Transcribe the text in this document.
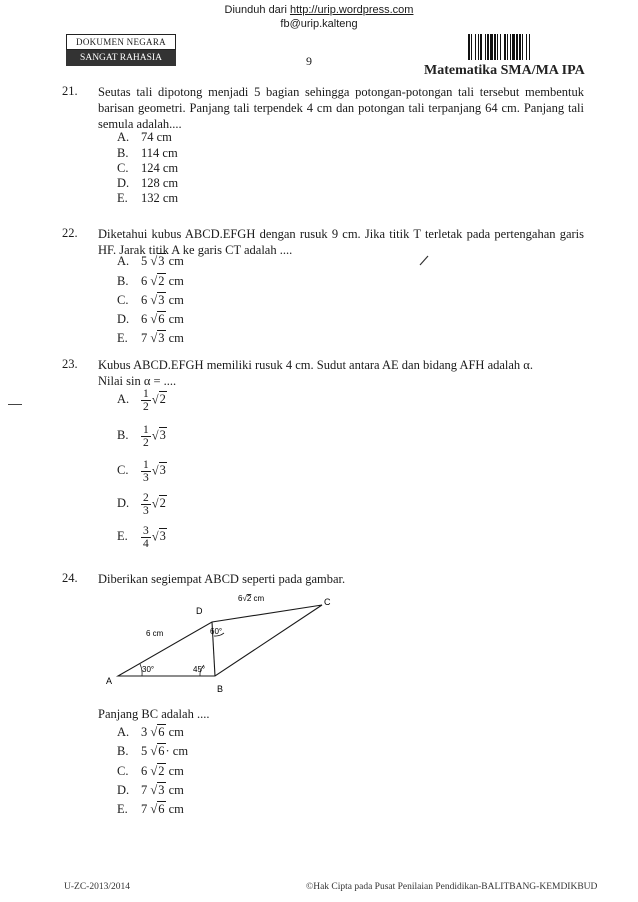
Diunduh dari http://urip.wordpress.com
fb@urip.kalteng
DOKUMEN NEGARA
SANGAT RAHASIA	9
Matematika SMA/MA IPA
21. Seutas tali dipotong menjadi 5 bagian sehingga potongan-potongan tali tersebut membentuk barisan geometri. Panjang tali terpendek 4 cm dan potongan tali terpanjang 64 cm. Panjang tali semula adalah....
A. 74 cm
B. 114 cm
C. 124 cm
D. 128 cm
E. 132 cm
22. Diketahui kubus ABCD.EFGH dengan rusuk 9 cm. Jika titik T terletak pada pertengahan garis HF. Jarak titik A ke garis CT adalah ....
A. 5 √3 cm
B. 6 √2 cm
C. 6 √3 cm
D. 6 √6 cm
E. 7 √3 cm
23. Kubus ABCD.EFGH memiliki rusuk 4 cm. Sudut antara AE dan bidang AFH adalah α.
Nilai sin α = ....
A. $\frac{1}{2} √2$
B. $\frac{1}{2} √3$
C. $\frac{1}{3} √3$
D. $\frac{2}{3} √2$
E. $\frac{3}{4} √3$
24. Diberikan segiempat ABCD seperti pada gambar.
A
B
C
D
6 cm
6√2 cm
30°	45°
60°
Panjang BC adalah ....
A. 3 √6 cm
B. 5 √6· cm
C. 6 √2 cm
D. 7 √3 cm
E. 7 √6 cm
U-ZC-2013/2014	©Hak Cipta pada Pusat Penilaian Pendidikan-BALITBANG-KEMDIKBUD
